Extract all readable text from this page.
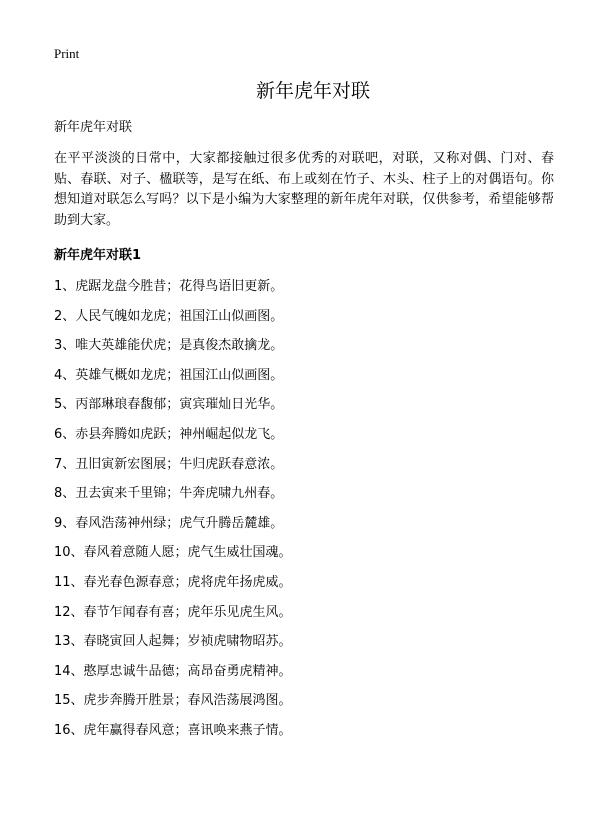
Print
新年虎年对联

新年虎年对联

在平平淡淡的日常中，大家都接触过很多优秀的对联吧，对联，又称对偶、门对、春贴、春联、对子、楹联等，是写在纸、布上或刻在竹子、木头、柱子上的对偶语句。你想知道对联怎么写吗？以下是小编为大家整理的新年虎年对联，仅供参考，希望能够帮助到大家。

新年虎年对联1
1、虎踞龙盘今胜昔；花得鸟语旧更新。
2、人民气魄如龙虎；祖国江山似画图。
3、唯大英雄能伏虎；是真俊杰敢擒龙。
4、英雄气概如龙虎；祖国江山似画图。
5、丙部琳琅春馥郁；寅宾璀灿日光华。
6、赤县奔腾如虎跃；神州崛起似龙飞。
7、丑旧寅新宏图展；牛归虎跃春意浓。
8、丑去寅来千里锦；牛奔虎啸九州春。
9、春风浩荡神州绿；虎气升腾岳麓雄。
10、春风着意随人愿；虎气生威壮国魂。
11、春光春色源春意；虎将虎年扬虎威。
12、春节乍闻春有喜；虎年乐见虎生风。
13、春晓寅回人起舞；岁祯虎啸物昭苏。
14、憨厚忠诚牛品德；高昂奋勇虎精神。
15、虎步奔腾开胜景；春风浩荡展鸿图。
16、虎年赢得春风意；喜讯唤来燕子情。
